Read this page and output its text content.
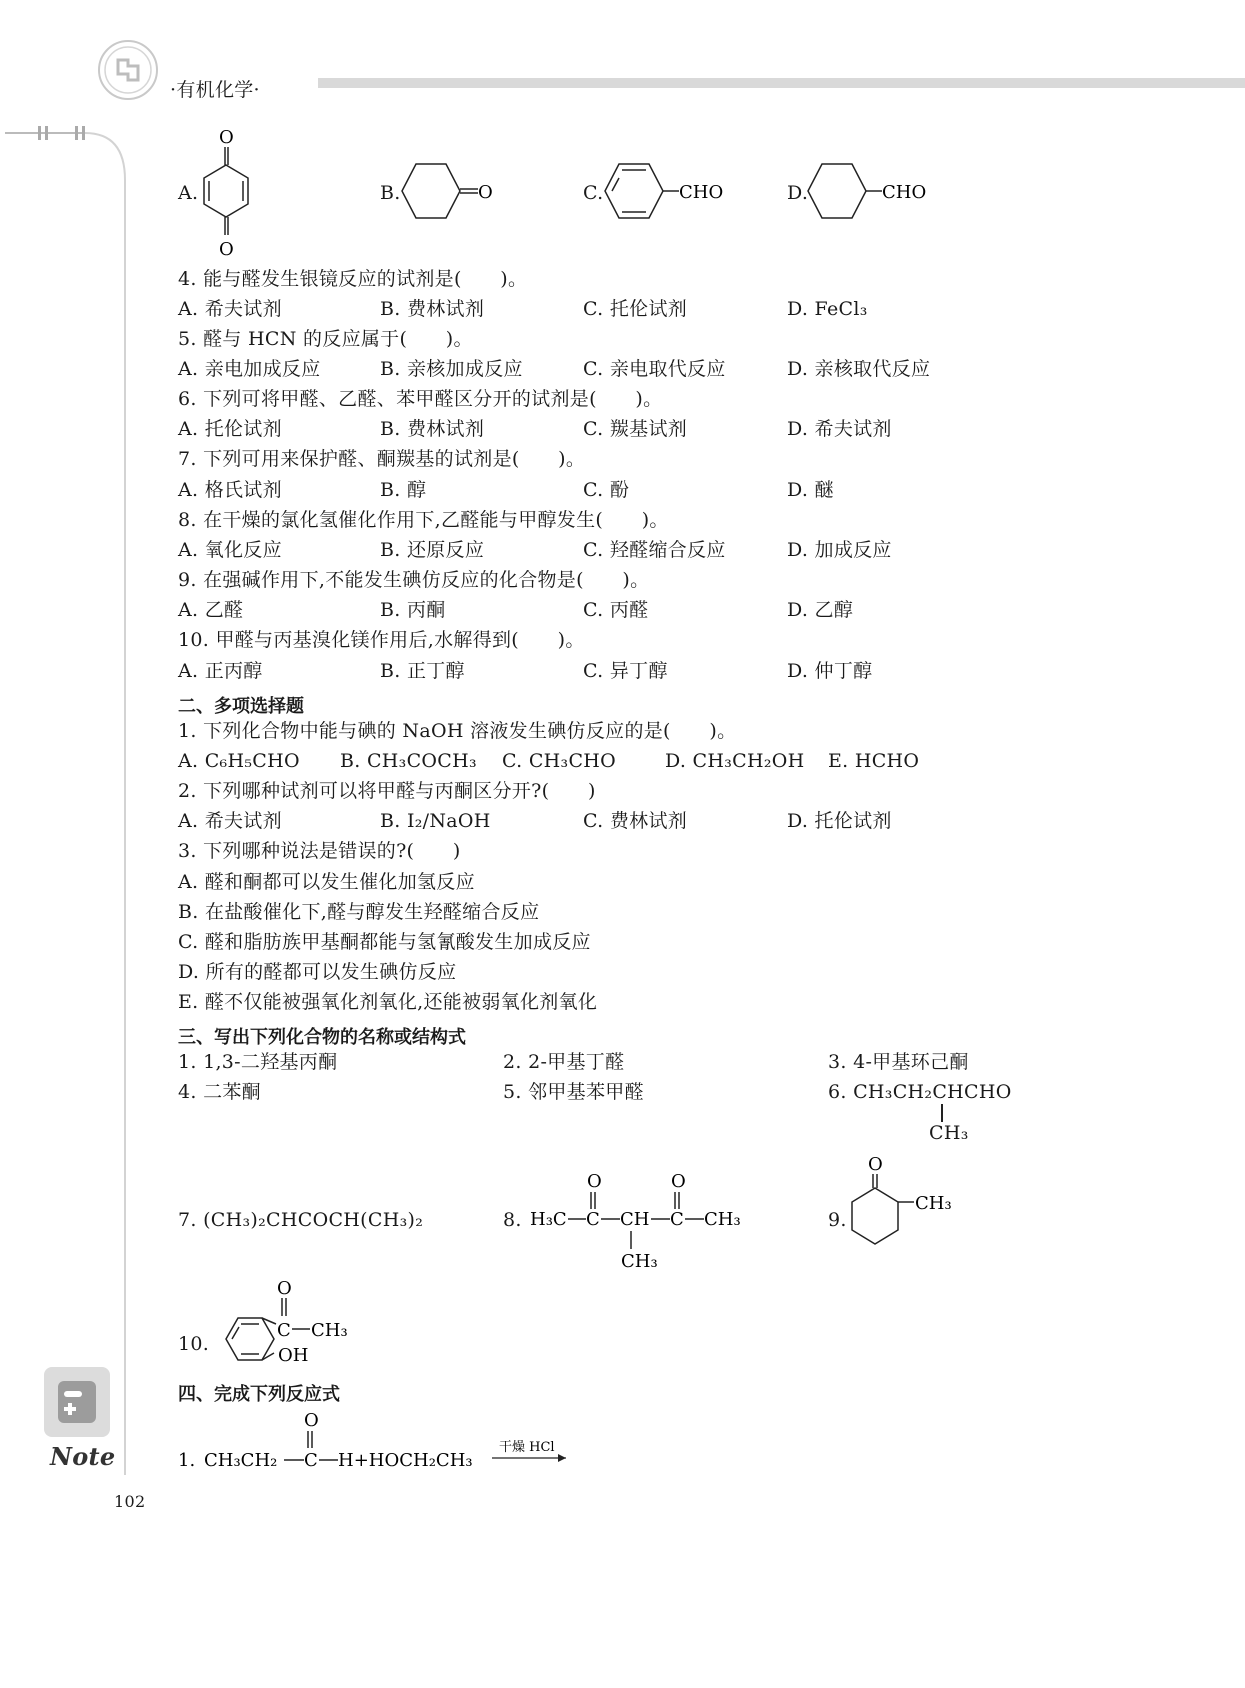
·有机化学·
Note
102
A.
O
O
B.	O	C.	CHO	D.	CHO
4. 能与醛发生银镜反应的试剂是(　　)。
A. 希夫试剂	B. 费林试剂	C. 托伦试剂	D. FeCl₃
5. 醛与 HCN 的反应属于(　　)。
A. 亲电加成反应	B. 亲核加成反应	C. 亲电取代反应	D. 亲核取代反应
6. 下列可将甲醛、乙醛、苯甲醛区分开的试剂是(　　)。
A. 托伦试剂	B. 费林试剂	C. 羰基试剂	D. 希夫试剂
7. 下列可用来保护醛、酮羰基的试剂是(　　)。
A. 格氏试剂	B. 醇	C. 酚	D. 醚
8. 在干燥的氯化氢催化作用下,乙醛能与甲醇发生(　　)。
A. 氧化反应	B. 还原反应	C. 羟醛缩合反应	D. 加成反应
9. 在强碱作用下,不能发生碘仿反应的化合物是(　　)。
A. 乙醛	B. 丙酮	C. 丙醛	D. 乙醇
10. 甲醛与丙基溴化镁作用后,水解得到(　　)。
A. 正丙醇	B. 正丁醇	C. 异丁醇	D. 仲丁醇
二、多项选择题
1. 下列化合物中能与碘的 NaOH 溶液发生碘仿反应的是(　　)。
A. C₆H₅CHO B. CH₃COCH₃ C. CH₃CHO	D. CH₃CH₂OH E. HCHO
2. 下列哪种试剂可以将甲醛与丙酮区分开?(　　)
A. 希夫试剂	B. I₂/NaOH	C. 费林试剂	D. 托伦试剂
3. 下列哪种说法是错误的?(　　)
A. 醛和酮都可以发生催化加氢反应
B. 在盐酸催化下,醛与醇发生羟醛缩合反应
C. 醛和脂肪族甲基酮都能与氢氰酸发生加成反应
D. 所有的醛都可以发生碘仿反应
E. 醛不仅能被强氧化剂氧化,还能被弱氧化剂氧化
三、写出下列化合物的名称或结构式
1. 1,3-二羟基丙酮	2. 2-甲基丁醛	3. 4-甲基环己酮
4. 二苯酮	5. 邻甲基苯甲醛	6. CH₃CH₂CHCHO
CH₃
7. (CH₃)₂CHCOCH(CH₃)₂	8.
O	O
H₃C C CH C CH₃
CH₃
9.
O
CH₃
10.
O
C CH₃
OH
四、完成下列反应式
1. CH₃CH₂ C
O
H+HOCH₂CH₃
干燥 HCl
